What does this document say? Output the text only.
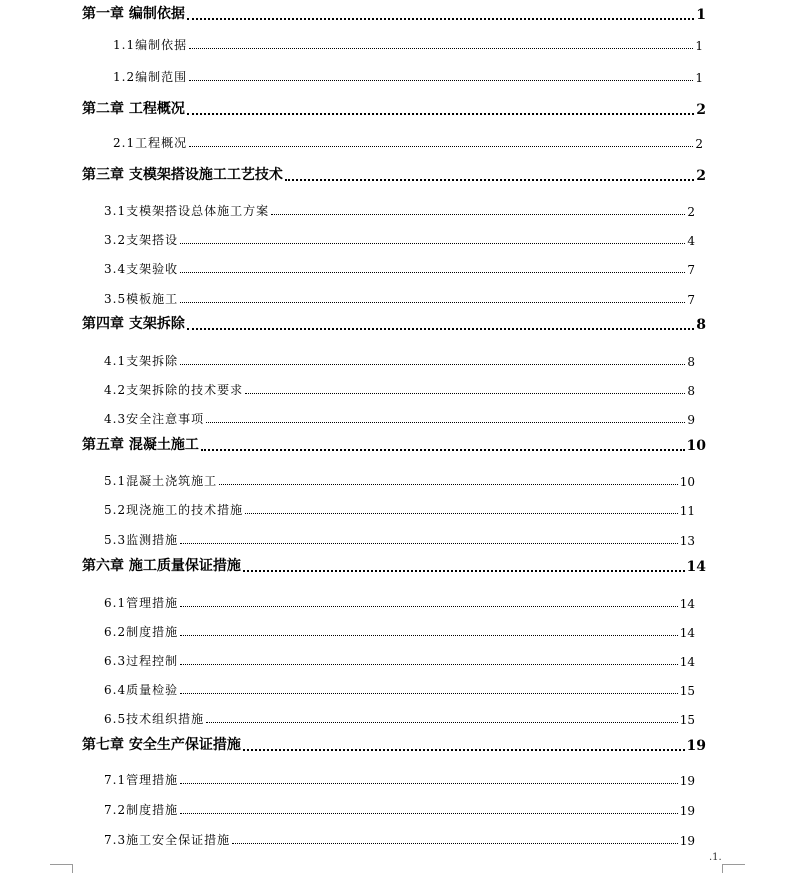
第一章 编制依据	1
1.1编制依据	1
1.2编制范围	1
第二章 工程概况	2
2.1工程概况	2
第三章 支模架搭设施工工艺技术	2
3.1支模架搭设总体施工方案	2
3.2支架搭设	4
3.4支架验收	7
3.5模板施工	7
第四章 支架拆除	8
4.1支架拆除	8
4.2支架拆除的技术要求	8
4.3安全注意事项	9
第五章 混凝土施工	10
5.1混凝土浇筑施工	10
5.2现浇施工的技术措施	11
5.3监测措施	13
第六章 施工质量保证措施	14
6.1管理措施	14
6.2制度措施	14
6.3过程控制	14
6.4质量检验	15
6.5技术组织措施	15
第七章 安全生产保证措施	19
7.1管理措施	19
7.2制度措施	19
7.3施工安全保证措施	19
.1.
